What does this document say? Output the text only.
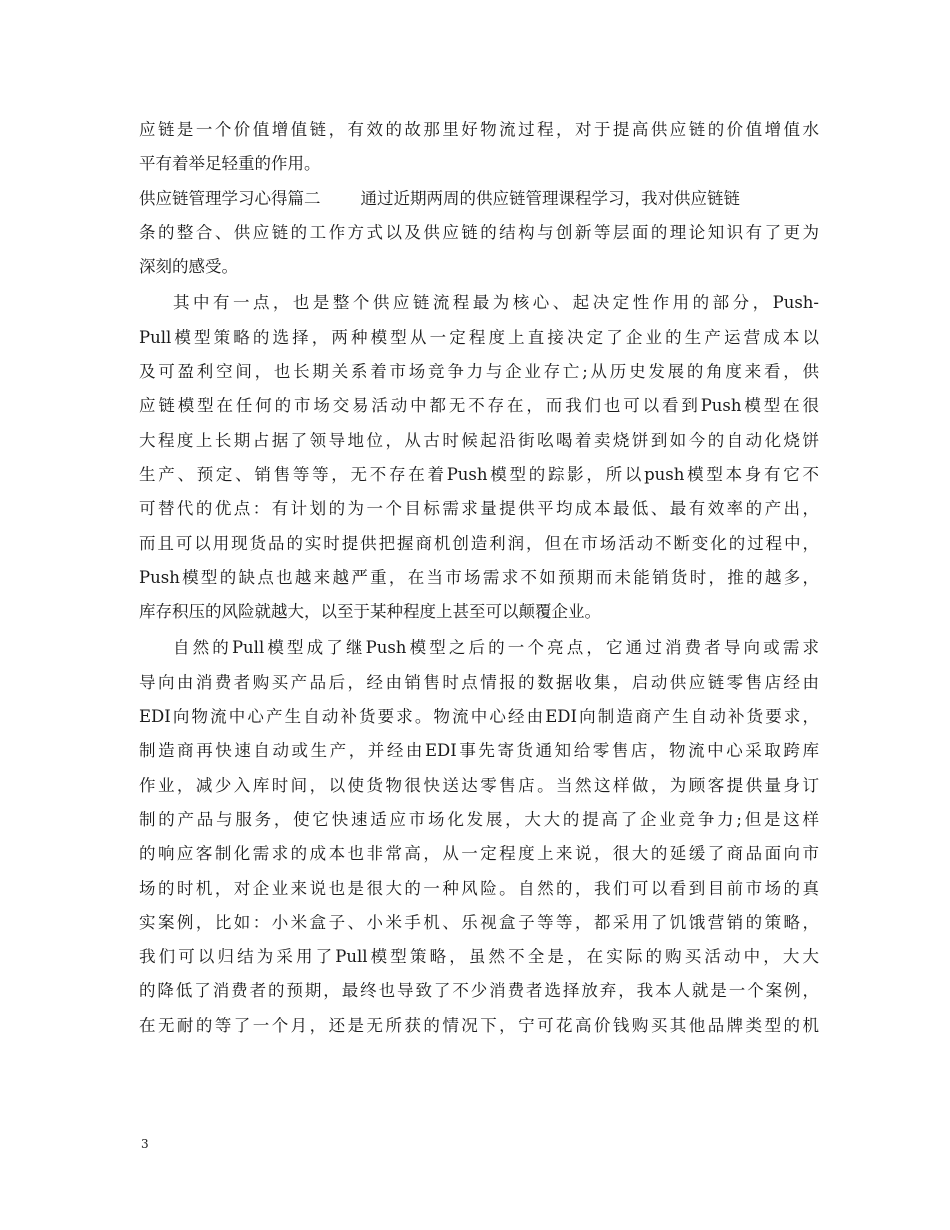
应链是一个价值增值链，有效的故那里好物流过程，对于提高供应链的价值增值水
平有着举足轻重的作用。
供应链管理学习心得篇二 通过近期两周的供应链管理课程学习，我对供应链链
条的整合、供应链的工作方式以及供应链的结构与创新等层面的理论知识有了更为
深刻的感受。
其中有一点，也是整个供应链流程最为核心、起决定性作用的部分，Push-
Pull模型策略的选择，两种模型从一定程度上直接决定了企业的生产运营成本以
及可盈利空间，也长期关系着市场竞争力与企业存亡;从历史发展的角度来看，供
应链模型在任何的市场交易活动中都无不存在，而我们也可以看到Push模型在很
大程度上长期占据了领导地位，从古时候起沿街吆喝着卖烧饼到如今的自动化烧饼
生产、预定、销售等等，无不存在着Push模型的踪影，所以push模型本身有它不
可替代的优点：有计划的为一个目标需求量提供平均成本最低、最有效率的产出，
而且可以用现货品的实时提供把握商机创造利润，但在市场活动不断变化的过程中，
Push模型的缺点也越来越严重，在当市场需求不如预期而未能销货时，推的越多，
库存积压的风险就越大，以至于某种程度上甚至可以颠覆企业。
自然的Pull模型成了继Push模型之后的一个亮点，它通过消费者导向或需求
导向由消费者购买产品后，经由销售时点情报的数据收集，启动供应链零售店经由
EDI向物流中心产生自动补货要求。物流中心经由EDI向制造商产生自动补货要求，
制造商再快速自动或生产，并经由EDI事先寄货通知给零售店，物流中心采取跨库
作业，减少入库时间，以使货物很快送达零售店。当然这样做，为顾客提供量身订
制的产品与服务，使它快速适应市场化发展，大大的提高了企业竞争力;但是这样
的响应客制化需求的成本也非常高，从一定程度上来说，很大的延缓了商品面向市
场的时机，对企业来说也是很大的一种风险。自然的，我们可以看到目前市场的真
实案例，比如：小米盒子、小米手机、乐视盒子等等，都采用了饥饿营销的策略，
我们可以归结为采用了Pull模型策略，虽然不全是，在实际的购买活动中，大大
的降低了消费者的预期，最终也导致了不少消费者选择放弃，我本人就是一个案例，
在无耐的等了一个月，还是无所获的情况下，宁可花高价钱购买其他品牌类型的机
3
